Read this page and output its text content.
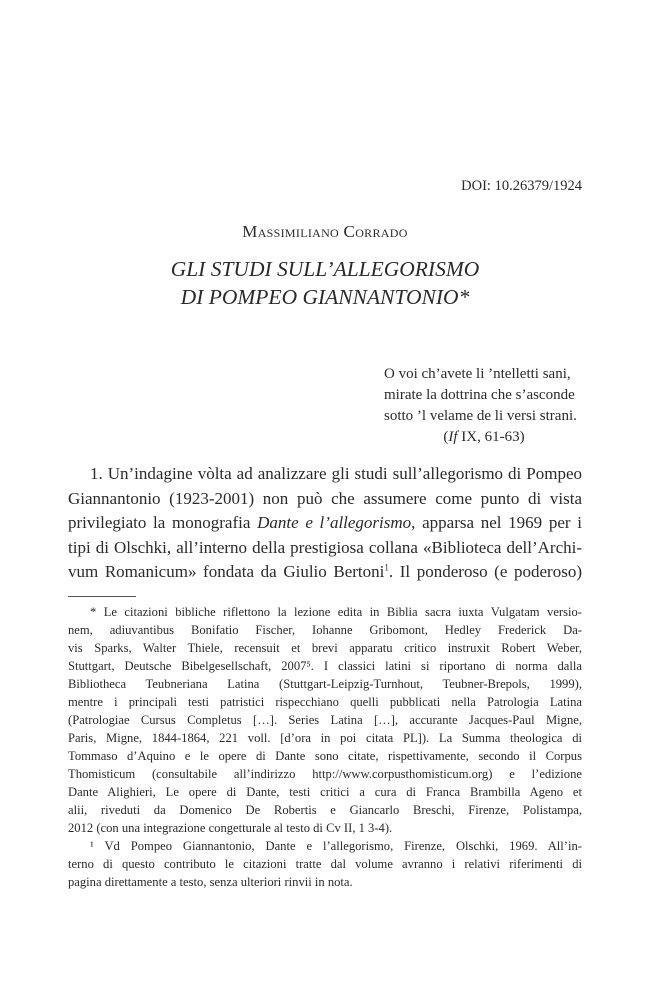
DOI: 10.26379/1924
Massimiliano Corrado
GLI STUDI SULL’ALLEGORISMO
DI POMPEO GIANNANTONIO*
O voi ch’avete li ’ntelletti sani,
mirate la dottrina che s’asconde
sotto ’l velame de li versi strani.
(If IX, 61-63)
1. Un’indagine vòlta ad analizzare gli studi sull’allegorismo di Pompeo
Giannantonio (1923-2001) non può che assumere come punto di vista
privilegiato la monografia Dante e l’allegorismo, apparsa nel 1969 per i
tipi di Olschki, all’interno della prestigiosa collana «Biblioteca dell’Archi-
vum Romanicum» fondata da Giulio Bertoni$^1$. Il ponderoso (e poderoso)
* Le citazioni bibliche riflettono la lezione edita in Biblia sacra iuxta Vulgatam versio-
nem, adiuvantibus Bonifatio Fischer, Iohanne Gribomont, Hedley Frederick Da-
vis Sparks, Walter Thiele, recensuit et brevi apparatu critico instruxit Robert Weber,
Stuttgart, Deutsche Bibelgesellschaft, 2007⁵. I classici latini si riportano di norma dalla
Bibliotheca Teubneriana Latina (Stuttgart-Leipzig-Turnhout, Teubner-Brepols, 1999),
mentre i principali testi patristici rispecchiano quelli pubblicati nella Patrologia Latina
(Patrologiae Cursus Completus […]. Series Latina […], accurante Jacques-Paul Migne,
Paris, Migne, 1844-1864, 221 voll. [d’ora in poi citata PL]). La Summa theologica di
Tommaso d’Aquino e le opere di Dante sono citate, rispettivamente, secondo il Corpus
Thomisticum (consultabile all’indirizzo http://www.corpusthomisticum.org) e l’edizione
Dante Alighieri, Le opere di Dante, testi critici a cura di Franca Brambilla Ageno et
alii, riveduti da Domenico De Robertis e Giancarlo Breschi, Firenze, Polistampa,
2012 (con una integrazione congetturale al testo di Cv II, 1 3-4).
¹ Vd Pompeo Giannantonio, Dante e l’allegorismo, Firenze, Olschki, 1969. All’in-
terno di questo contributo le citazioni tratte dal volume avranno i relativi riferimenti di
pagina direttamente a testo, senza ulteriori rinvii in nota.
